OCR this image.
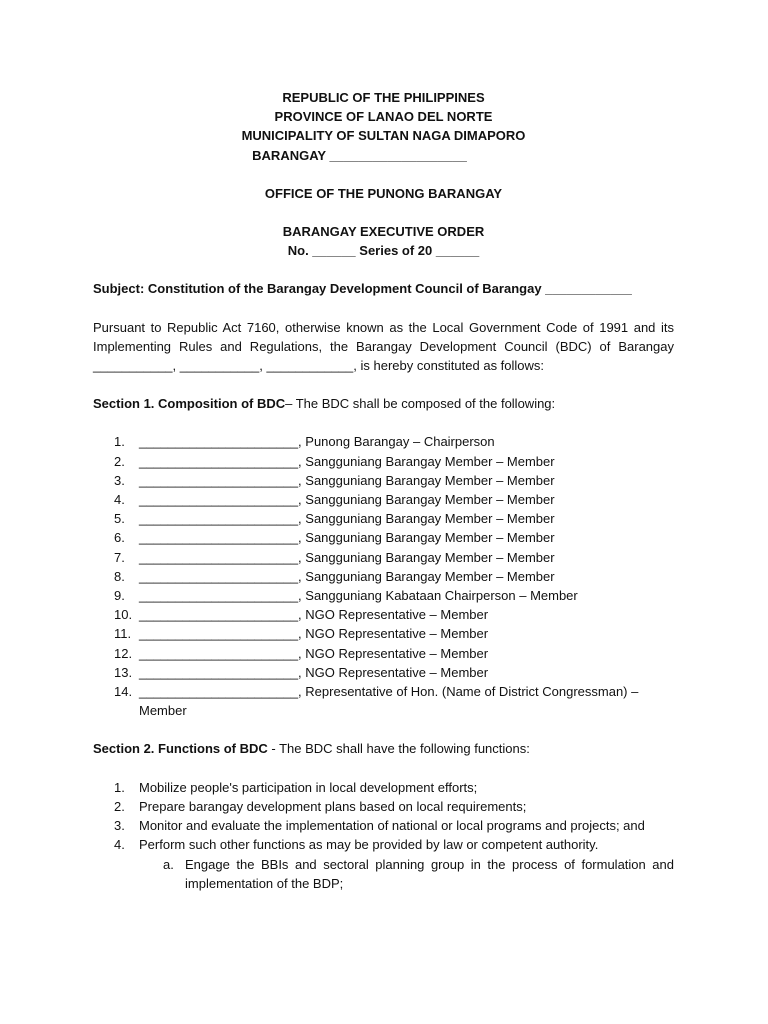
REPUBLIC OF THE PHILIPPINES
PROVINCE OF LANAO DEL NORTE
MUNICIPALITY OF SULTAN NAGA DIMAPORO
BARANGAY ___________________
OFFICE OF THE PUNONG BARANGAY
BARANGAY EXECUTIVE ORDER
No. ______ Series of 20 ______
Subject: Constitution of the Barangay Development Council of Barangay ____________
Pursuant to Republic Act 7160, otherwise known as the Local Government Code of 1991 and its Implementing Rules and Regulations, the Barangay Development Council (BDC) of Barangay ___________, ___________, ____________, is hereby constituted as follows:
Section 1. Composition of BDC– The BDC shall be composed of the following:
1.	______________________, Punong Barangay – Chairperson
2.	______________________, Sangguniang Barangay Member – Member
3.	______________________, Sangguniang Barangay Member – Member
4.	______________________, Sangguniang Barangay Member – Member
5.	______________________, Sangguniang Barangay Member – Member
6.	______________________, Sangguniang Barangay Member – Member
7.	______________________, Sangguniang Barangay Member – Member
8.	______________________, Sangguniang Barangay Member – Member
9.	______________________, Sangguniang Kabataan Chairperson – Member
10. ______________________, NGO Representative – Member
11. ______________________, NGO Representative – Member
12. ______________________, NGO Representative – Member
13. ______________________, NGO Representative – Member
14. ______________________, Representative of Hon. (Name of District Congressman) – Member
Section 2. Functions of BDC - The BDC shall have the following functions:
1.	Mobilize people's participation in local development efforts;
2.	Prepare barangay development plans based on local requirements;
3.	Monitor and evaluate the implementation of national or local programs and projects; and
4.	Perform such other functions as may be provided by law or competent authority.
a. Engage the BBIs and sectoral planning group in the process of formulation and implementation of the BDP;
